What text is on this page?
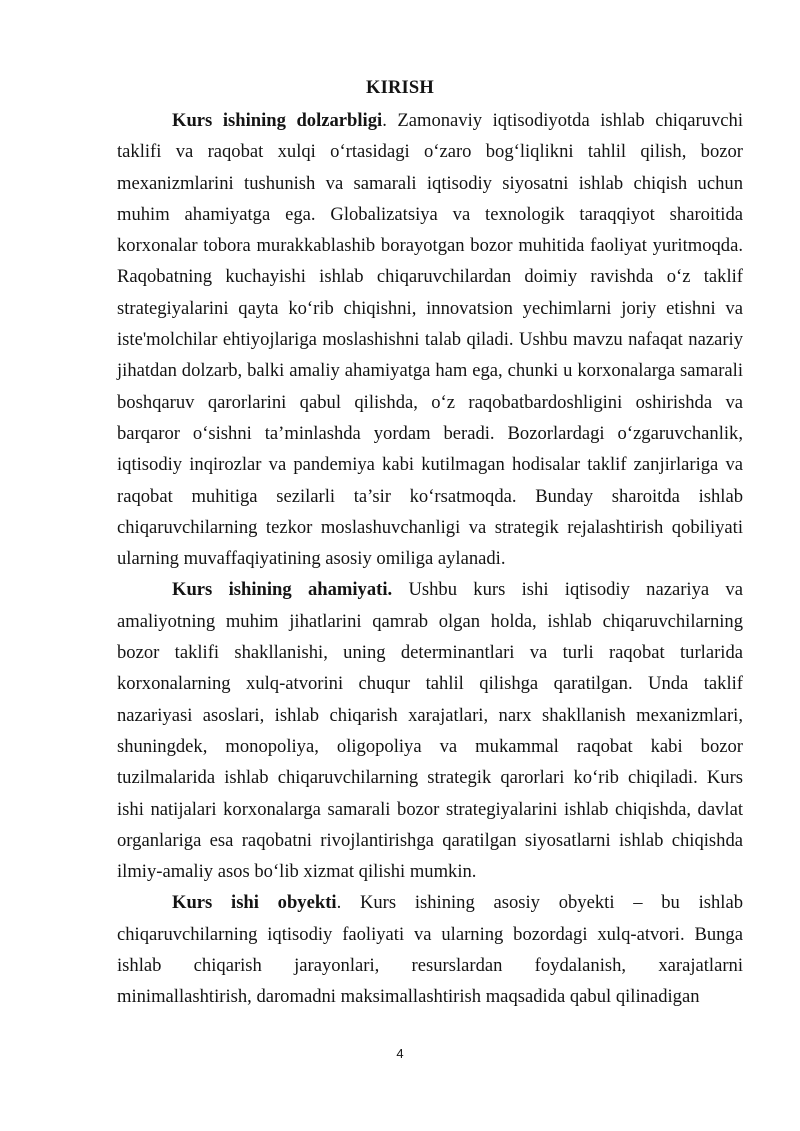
KIRISH

Kurs ishining dolzarbligi. Zamonaviy iqtisodiyotda ishlab chiqaruvchi taklifi va raqobat xulqi o‘rtasidagi o‘zaro bog‘liqlikni tahlil qilish, bozor mexanizmlarini tushunish va samarali iqtisodiy siyosatni ishlab chiqish uchun muhim ahamiyatga ega. Globalizatsiya va texnologik taraqqiyot sharoitida korxonalar tobora murakkablashib borayotgan bozor muhitida faoliyat yuritmoqda. Raqobatning kuchayishi ishlab chiqaruvchilardan doimiy ravishda o‘z taklif strategiyalarini qayta ko‘rib chiqishni, innovatsion yechimlarni joriy etishni va iste'molchilar ehtiyojlariga moslashishni talab qiladi. Ushbu mavzu nafaqat nazariy jihatdan dolzarb, balki amaliy ahamiyatga ham ega, chunki u korxonalarga samarali boshqaruv qarorlarini qabul qilishda, o‘z raqobatbardoshligini oshirishda va barqaror o‘sishni ta’minlashda yordam beradi. Bozorlardagi o‘zgaruvchanlik, iqtisodiy inqirozlar va pandemiya kabi kutilmagan hodisalar taklif zanjirlariga va raqobat muhitiga sezilarli ta’sir ko‘rsatmoqda. Bunday sharoitda ishlab chiqaruvchilarning tezkor moslashuvchanligi va strategik rejalashtirish qobiliyati ularning muvaffaqiyatining asosiy omiliga aylanadi.

Kurs ishining ahamiyati. Ushbu kurs ishi iqtisodiy nazariya va amaliyotning muhim jihatlarini qamrab olgan holda, ishlab chiqaruvchilarning bozor taklifi shakllanishi, uning determinantlari va turli raqobat turlarida korxonalarning xulq-atvorini chuqur tahlil qilishga qaratilgan. Unda taklif nazariyasi asoslari, ishlab chiqarish xarajatlari, narx shakllanish mexanizmlari, shuningdek, monopoliya, oligopoliya va mukammal raqobat kabi bozor tuzilmalarida ishlab chiqaruvchilarning strategik qarorlari ko‘rib chiqiladi. Kurs ishi natijalari korxonalarga samarali bozor strategiyalarini ishlab chiqishda, davlat organlariga esa raqobatni rivojlantirishga qaratilgan siyosatlarni ishlab chiqishda ilmiy-amaliy asos bo‘lib xizmat qilishi mumkin.

Kurs ishi obyekti. Kurs ishining asosiy obyekti – bu ishlab chiqaruvchilarning iqtisodiy faoliyati va ularning bozordagi xulq-atvori. Bunga ishlab chiqarish jarayonlari, resurslardan foydalanish, xarajatlarni minimallashtirish, daromadni maksimallashtirish maqsadida qabul qilinadigan

4
